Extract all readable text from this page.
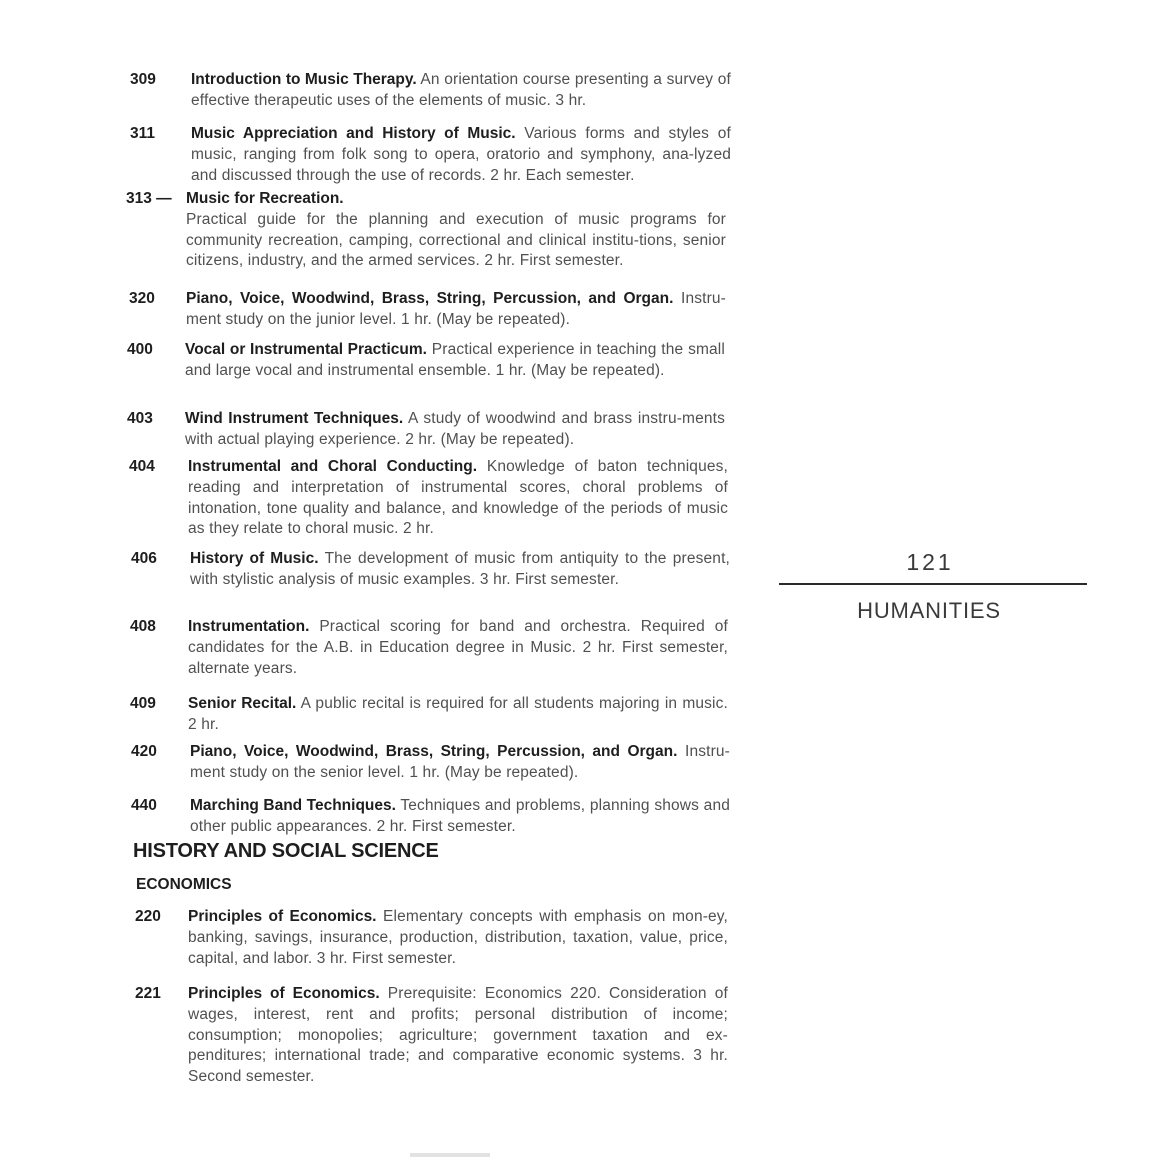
309 Introduction to Music Therapy. An orientation course presenting a survey of effective therapeutic uses of the elements of music. 3 hr.
311 Music Appreciation and History of Music. Various forms and styles of music, ranging from folk song to opera, oratorio and symphony, ana-lyzed and discussed through the use of records. 2 hr. Each semester.
313 — Music for Recreation.
Practical guide for the planning and execution of music programs for community recreation, camping, correctional and clinical institu-tions, senior citizens, industry, and the armed services. 2 hr. First semester.
320 Piano, Voice, Woodwind, Brass, String, Percussion, and Organ. Instru-ment study on the junior level. 1 hr. (May be repeated).
400 Vocal or Instrumental Practicum. Practical experience in teaching the small and large vocal and instrumental ensemble. 1 hr. (May be repeated).
403 Wind Instrument Techniques. A study of woodwind and brass instru-ments with actual playing experience. 2 hr. (May be repeated).
404 Instrumental and Choral Conducting. Knowledge of baton techniques, reading and interpretation of instrumental scores, choral problems of intonation, tone quality and balance, and knowledge of the periods of music as they relate to choral music. 2 hr.
406 History of Music. The development of music from antiquity to the present, with stylistic analysis of music examples. 3 hr. First semester.
408 Instrumentation. Practical scoring for band and orchestra. Required of candidates for the A.B. in Education degree in Music. 2 hr. First semester, alternate years.
409 Senior Recital. A public recital is required for all students majoring in music. 2 hr.
420 Piano, Voice, Woodwind, Brass, String, Percussion, and Organ. Instru-ment study on the senior level. 1 hr. (May be repeated).
440 Marching Band Techniques. Techniques and problems, planning shows and other public appearances. 2 hr. First semester.
HISTORY AND SOCIAL SCIENCE
ECONOMICS
220 Principles of Economics. Elementary concepts with emphasis on mon-ey, banking, savings, insurance, production, distribution, taxation, value, price, capital, and labor. 3 hr. First semester.
221 Principles of Economics. Prerequisite: Economics 220. Consideration of wages, interest, rent and profits; personal distribution of income; consumption; monopolies; agriculture; government taxation and ex-penditures; international trade; and comparative economic systems. 3 hr. Second semester.
121
HUMANITIES
